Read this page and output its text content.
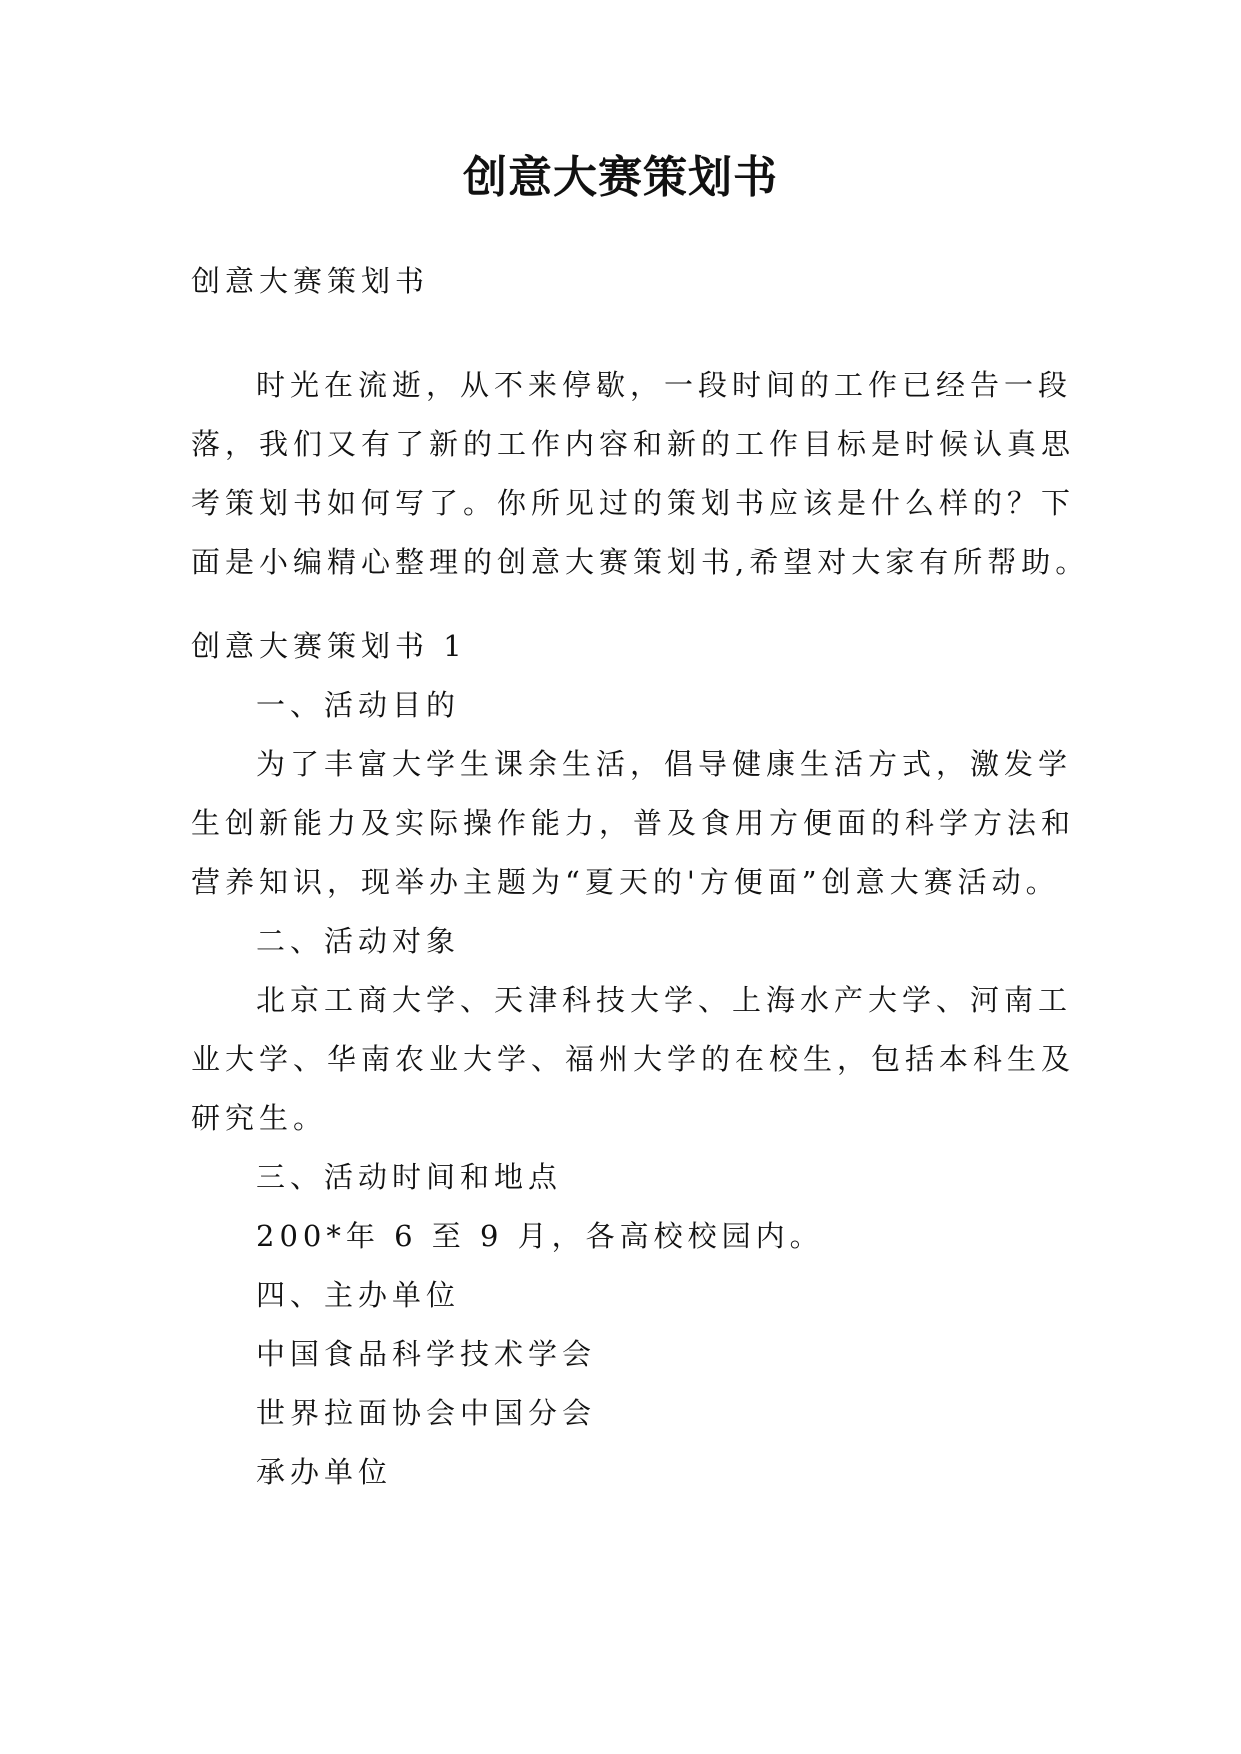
创意大赛策划书
创意大赛策划书
时光在流逝，从不来停歇，一段时间的工作已经告一段
落，我们又有了新的工作内容和新的工作目标是时候认真思
考策划书如何写了。你所见过的策划书应该是什么样的？下
面是小编精心整理的创意大赛策划书,希望对大家有所帮助。
创意大赛策划书 1
一、活动目的
为了丰富大学生课余生活，倡导健康生活方式，激发学
生创新能力及实际操作能力，普及食用方便面的科学方法和
营养知识，现举办主题为“夏天的'方便面”创意大赛活动。
二、活动对象
北京工商大学、天津科技大学、上海水产大学、河南工
业大学、华南农业大学、福州大学的在校生，包括本科生及
研究生。
三、活动时间和地点
200*年 6 至 9 月，各高校校园内。
四、主办单位
中国食品科学技术学会
世界拉面协会中国分会
承办单位
